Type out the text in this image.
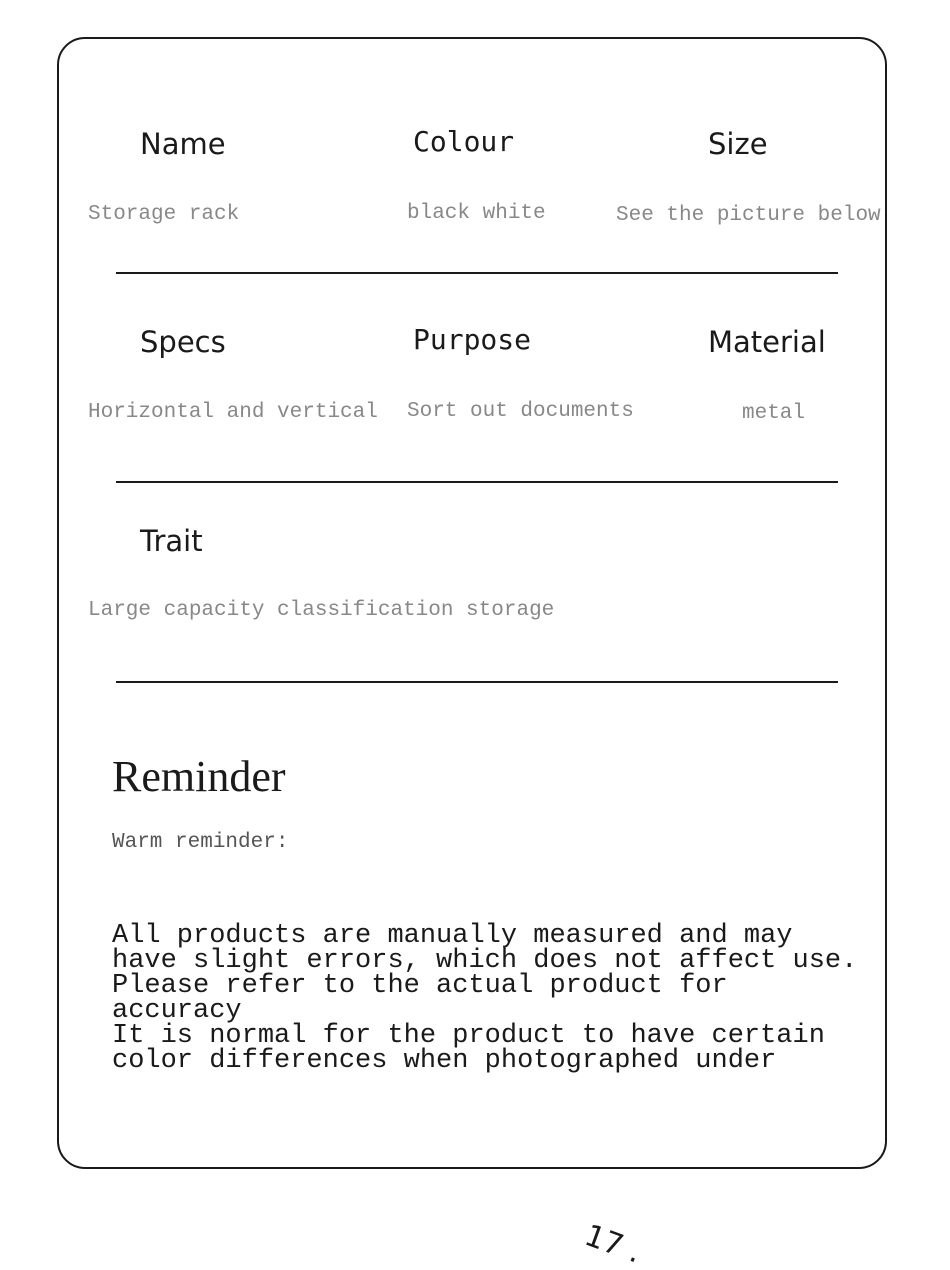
Name
Storage rack
Colour
black white
Size
See the picture below
Specs
Horizontal and vertical
Purpose
Sort out documents
Material
metal
Trait
Large capacity classification storage
Reminder
Warm reminder:
All products are manually measured and may
have slight errors, which does not affect use.
Please refer to the actual product for
accuracy
It is normal for the product to have certain
color differences when photographed under
17 .
